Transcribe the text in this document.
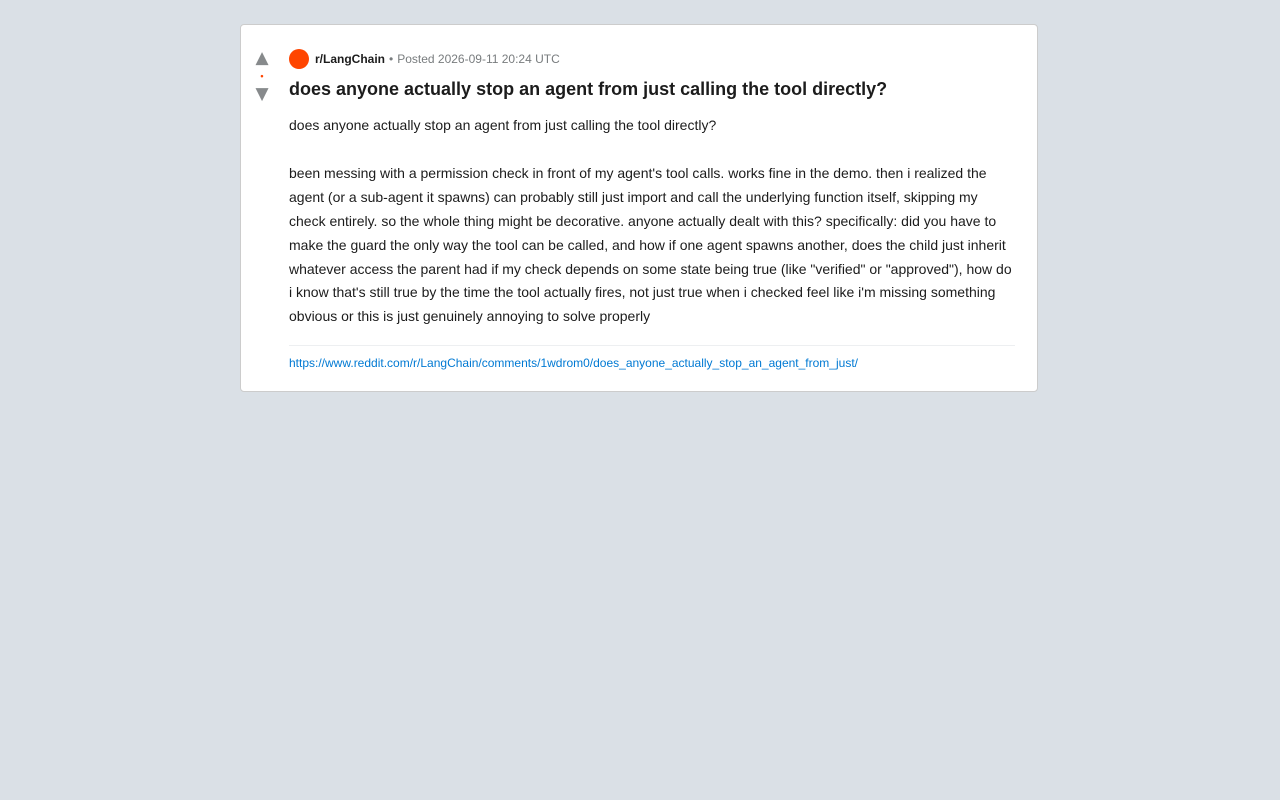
▲
•
▼
r/LangChain • Posted 2026-09-11 20:24 UTC
does anyone actually stop an agent from just calling the tool directly?

does anyone actually stop an agent from just calling the tool directly?

been messing with a permission check in front of my agent's tool calls. works fine in the demo. then i realized the agent (or a sub-agent it spawns) can probably still just import and call the underlying function itself, skipping my check entirely. so the whole thing might be decorative. anyone actually dealt with this? specifically: did you have to make the guard the only way the tool can be called, and how if one agent spawns another, does the child just inherit whatever access the parent had if my check depends on some state being true (like "verified" or "approved"), how do i know that's still true by the time the tool actually fires, not just true when i checked feel like i'm missing something obvious or this is just genuinely annoying to solve properly

https://www.reddit.com/r/LangChain/comments/1wdrom0/does_anyone_actually_stop_an_agent_from_just/
